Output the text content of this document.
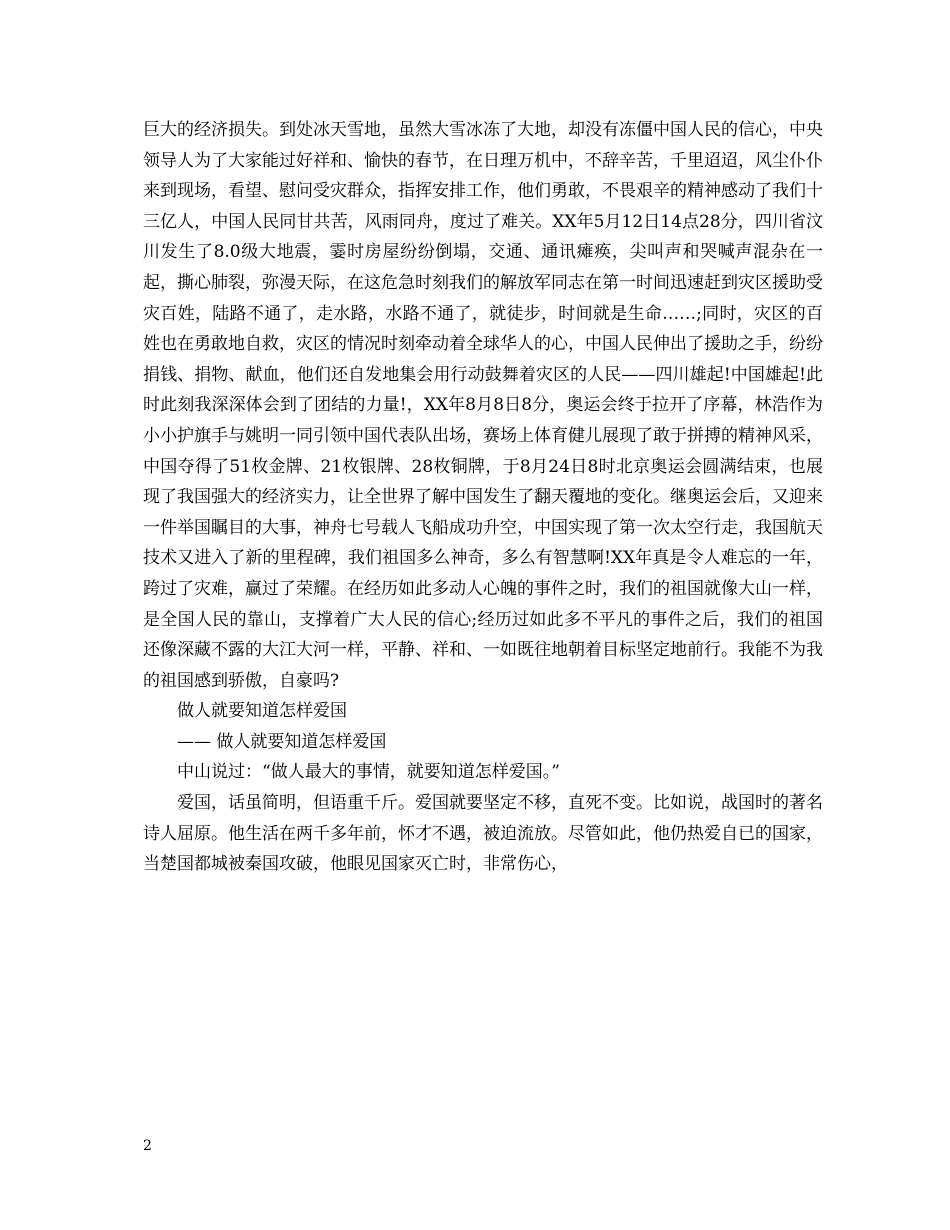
巨大的经济损失。到处冰天雪地，虽然大雪冰冻了大地，却没有冻僵中国人民的信心，中央领导人为了大家能过好祥和、愉快的春节，在日理万机中，不辞辛苦，千里迢迢，风尘仆仆来到现场，看望、慰问受灾群众，指挥安排工作，他们勇敢，不畏艰辛的精神感动了我们十三亿人，中国人民同甘共苦，风雨同舟，度过了难关。XX年5月12日14点28分，四川省汶川发生了8.0级大地震，霎时房屋纷纷倒塌，交通、通讯瘫痪，尖叫声和哭喊声混杂在一起，撕心肺裂，弥漫天际，在这危急时刻我们的解放军同志在第一时间迅速赶到灾区援助受灾百姓，陆路不通了，走水路，水路不通了，就徒步，时间就是生命……;同时，灾区的百姓也在勇敢地自救，灾区的情况时刻牵动着全球华人的心，中国人民伸出了援助之手，纷纷捐钱、捐物、献血，他们还自发地集会用行动鼓舞着灾区的人民——四川雄起!中国雄起!此时此刻我深深体会到了团结的力量!，XX年8月8日8分，奥运会终于拉开了序幕，林浩作为小小护旗手与姚明一同引领中国代表队出场，赛场上体育健儿展现了敢于拼搏的精神风采，中国夺得了51枚金牌、21枚银牌、28枚铜牌，于8月24日8时北京奥运会圆满结束，也展现了我国强大的经济实力，让全世界了解中国发生了翻天覆地的变化。继奥运会后，又迎来一件举国瞩目的大事，神舟七号载人飞船成功升空，中国实现了第一次太空行走，我国航天技术又进入了新的里程碑，我们祖国多么神奇，多么有智慧啊!XX年真是令人难忘的一年，跨过了灾难，赢过了荣耀。在经历如此多动人心魄的事件之时，我们的祖国就像大山一样，是全国人民的靠山，支撑着广大人民的信心;经历过如此多不平凡的事件之后，我们的祖国还像深藏不露的大江大河一样，平静、祥和、一如既往地朝着目标坚定地前行。我能不为我的祖国感到骄傲，自豪吗?

做人就要知道怎样爱国

—— 做人就要知道怎样爱国

中山说过：“做人最大的事情，就要知道怎样爱国。”

爱国，话虽简明，但语重千斤。爱国就要坚定不移，直死不变。比如说，战国时的著名诗人屈原。他生活在两千多年前，怀才不遇，被迫流放。尽管如此，他仍热爱自已的国家，当楚国都城被秦国攻破，他眼见国家灭亡时，非常伤心，

2
